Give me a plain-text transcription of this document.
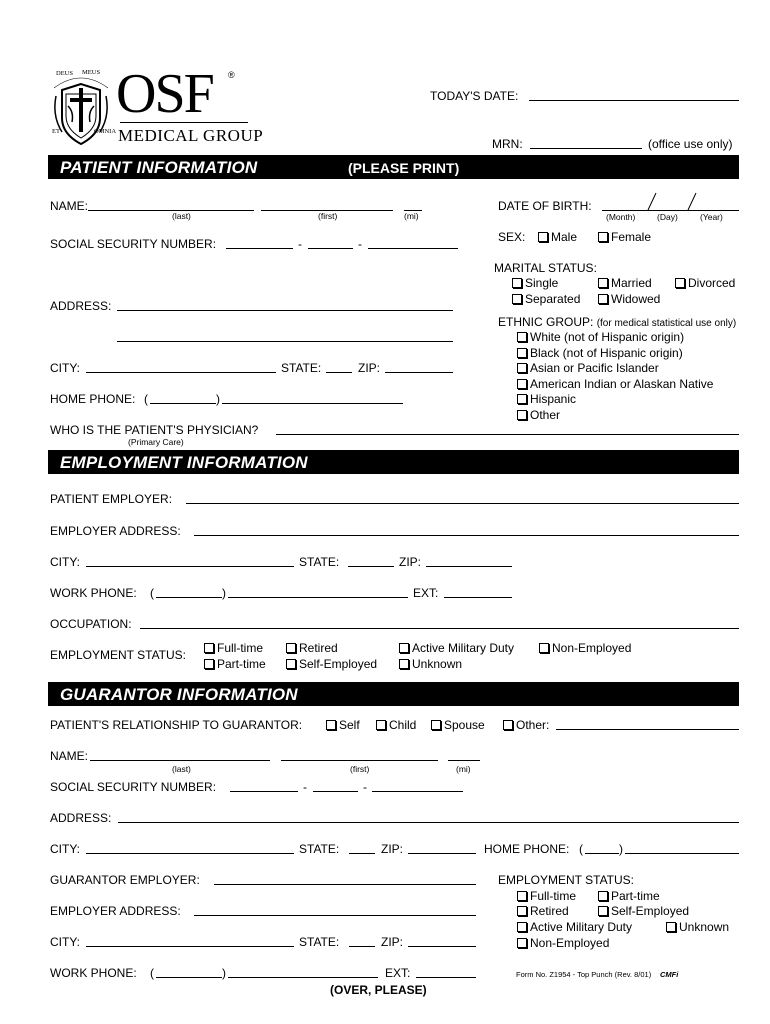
DEUS MEUS
ET	OMNIA
OSF ®
MEDICAL GROUP
TODAY'S DATE:
MRN:	(office use only)
PATIENT INFORMATION	(PLEASE PRINT)
NAME:
(last)	(first)	(mi)
SOCIAL SECURITY NUMBER:	-	-
ADDRESS:
CITY:	STATE:	ZIP:
HOME PHONE: (	)
WHO IS THE PATIENT'S PHYSICIAN?
(Primary Care)
DATE OF BIRTH:
(Month)	(Day)	(Year)
SEX:	Male	Female
MARITAL STATUS:
Single	Married	Divorced
Separated	Widowed
ETHNIC GROUP: (for medical statistical use only)
White (not of Hispanic origin)
Black (not of Hispanic origin)
Asian or Pacific Islander
American Indian or Alaskan Native
Hispanic
Other
EMPLOYMENT INFORMATION
PATIENT EMPLOYER:
EMPLOYER ADDRESS:
CITY:	STATE:	ZIP:
WORK PHONE: (	)	EXT:
OCCUPATION:
EMPLOYMENT STATUS:	Full-time	Retired	Active Military Duty	Non-Employed
Part-time	Self-Employed	Unknown
GUARANTOR INFORMATION
PATIENT'S RELATIONSHIP TO GUARANTOR:	Self	Child	Spouse	Other:
NAME:
(last)	(first)	(mi)
SOCIAL SECURITY NUMBER:	-	-
ADDRESS:
CITY:	STATE:	ZIP:	HOME PHONE: (	)
GUARANTOR EMPLOYER:
EMPLOYER ADDRESS:
CITY:	STATE:	ZIP:
WORK PHONE: (	)	EXT:
EMPLOYMENT STATUS:
Full-time	Part-time
Retired	Self-Employed
Active Military Duty	Unknown
Non-Employed
Form No. Z1954 - Top Punch (Rev. 8/01) CMFi
(OVER, PLEASE)
